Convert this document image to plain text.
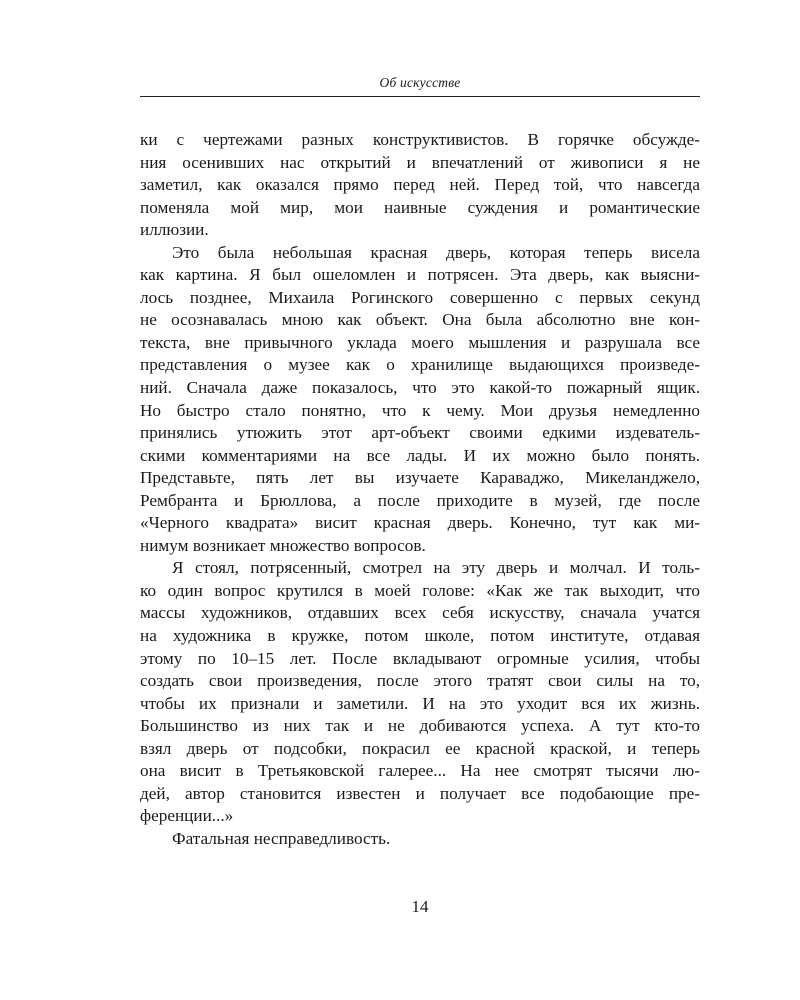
Об искусстве

ки с чертежами разных конструктивистов. В горячке обсужде-

ния осенивших нас открытий и впечатлений от живописи я не

заметил, как оказался прямо перед ней. Перед той, что навсегда

поменяла мой мир, мои наивные суждения и романтические

иллюзии.

Это была небольшая красная дверь, которая теперь висела

как картина. Я был ошеломлен и потрясен. Эта дверь, как выясни-

лось позднее, Михаила Рогинского совершенно с первых секунд

не осознавалась мною как объект. Она была абсолютно вне кон-

текста, вне привычного уклада моего мышления и разрушала все

представления о музее как о хранилище выдающихся произведе-

ний. Сначала даже показалось, что это какой-то пожарный ящик.

Но быстро стало понятно, что к чему. Мои друзья немедленно

принялись утюжить этот арт-объект своими едкими издеватель-

скими комментариями на все лады. И их можно было понять.

Представьте, пять лет вы изучаете Караваджо, Микеланджело,

Рембранта и Брюллова, а после приходите в музей, где после

«Черного квадрата» висит красная дверь. Конечно, тут как ми-

нимум возникает множество вопросов.

Я стоял, потрясенный, смотрел на эту дверь и молчал. И толь-

ко один вопрос крутился в моей голове: «Как же так выходит, что

массы художников, отдавших всех себя искусству, сначала учатся

на художника в кружке, потом школе, потом институте, отдавая

этому по 10–15 лет. После вкладывают огромные усилия, чтобы

создать свои произведения, после этого тратят свои силы на то,

чтобы их признали и заметили. И на это уходит вся их жизнь.

Большинство из них так и не добиваются успеха. А тут кто-то

взял дверь от подсобки, покрасил ее красной краской, и теперь

она висит в Третьяковской галерее... На нее смотрят тысячи лю-

дей, автор становится известен и получает все подобающие пре-

ференции...»

Фатальная несправедливость.

14
